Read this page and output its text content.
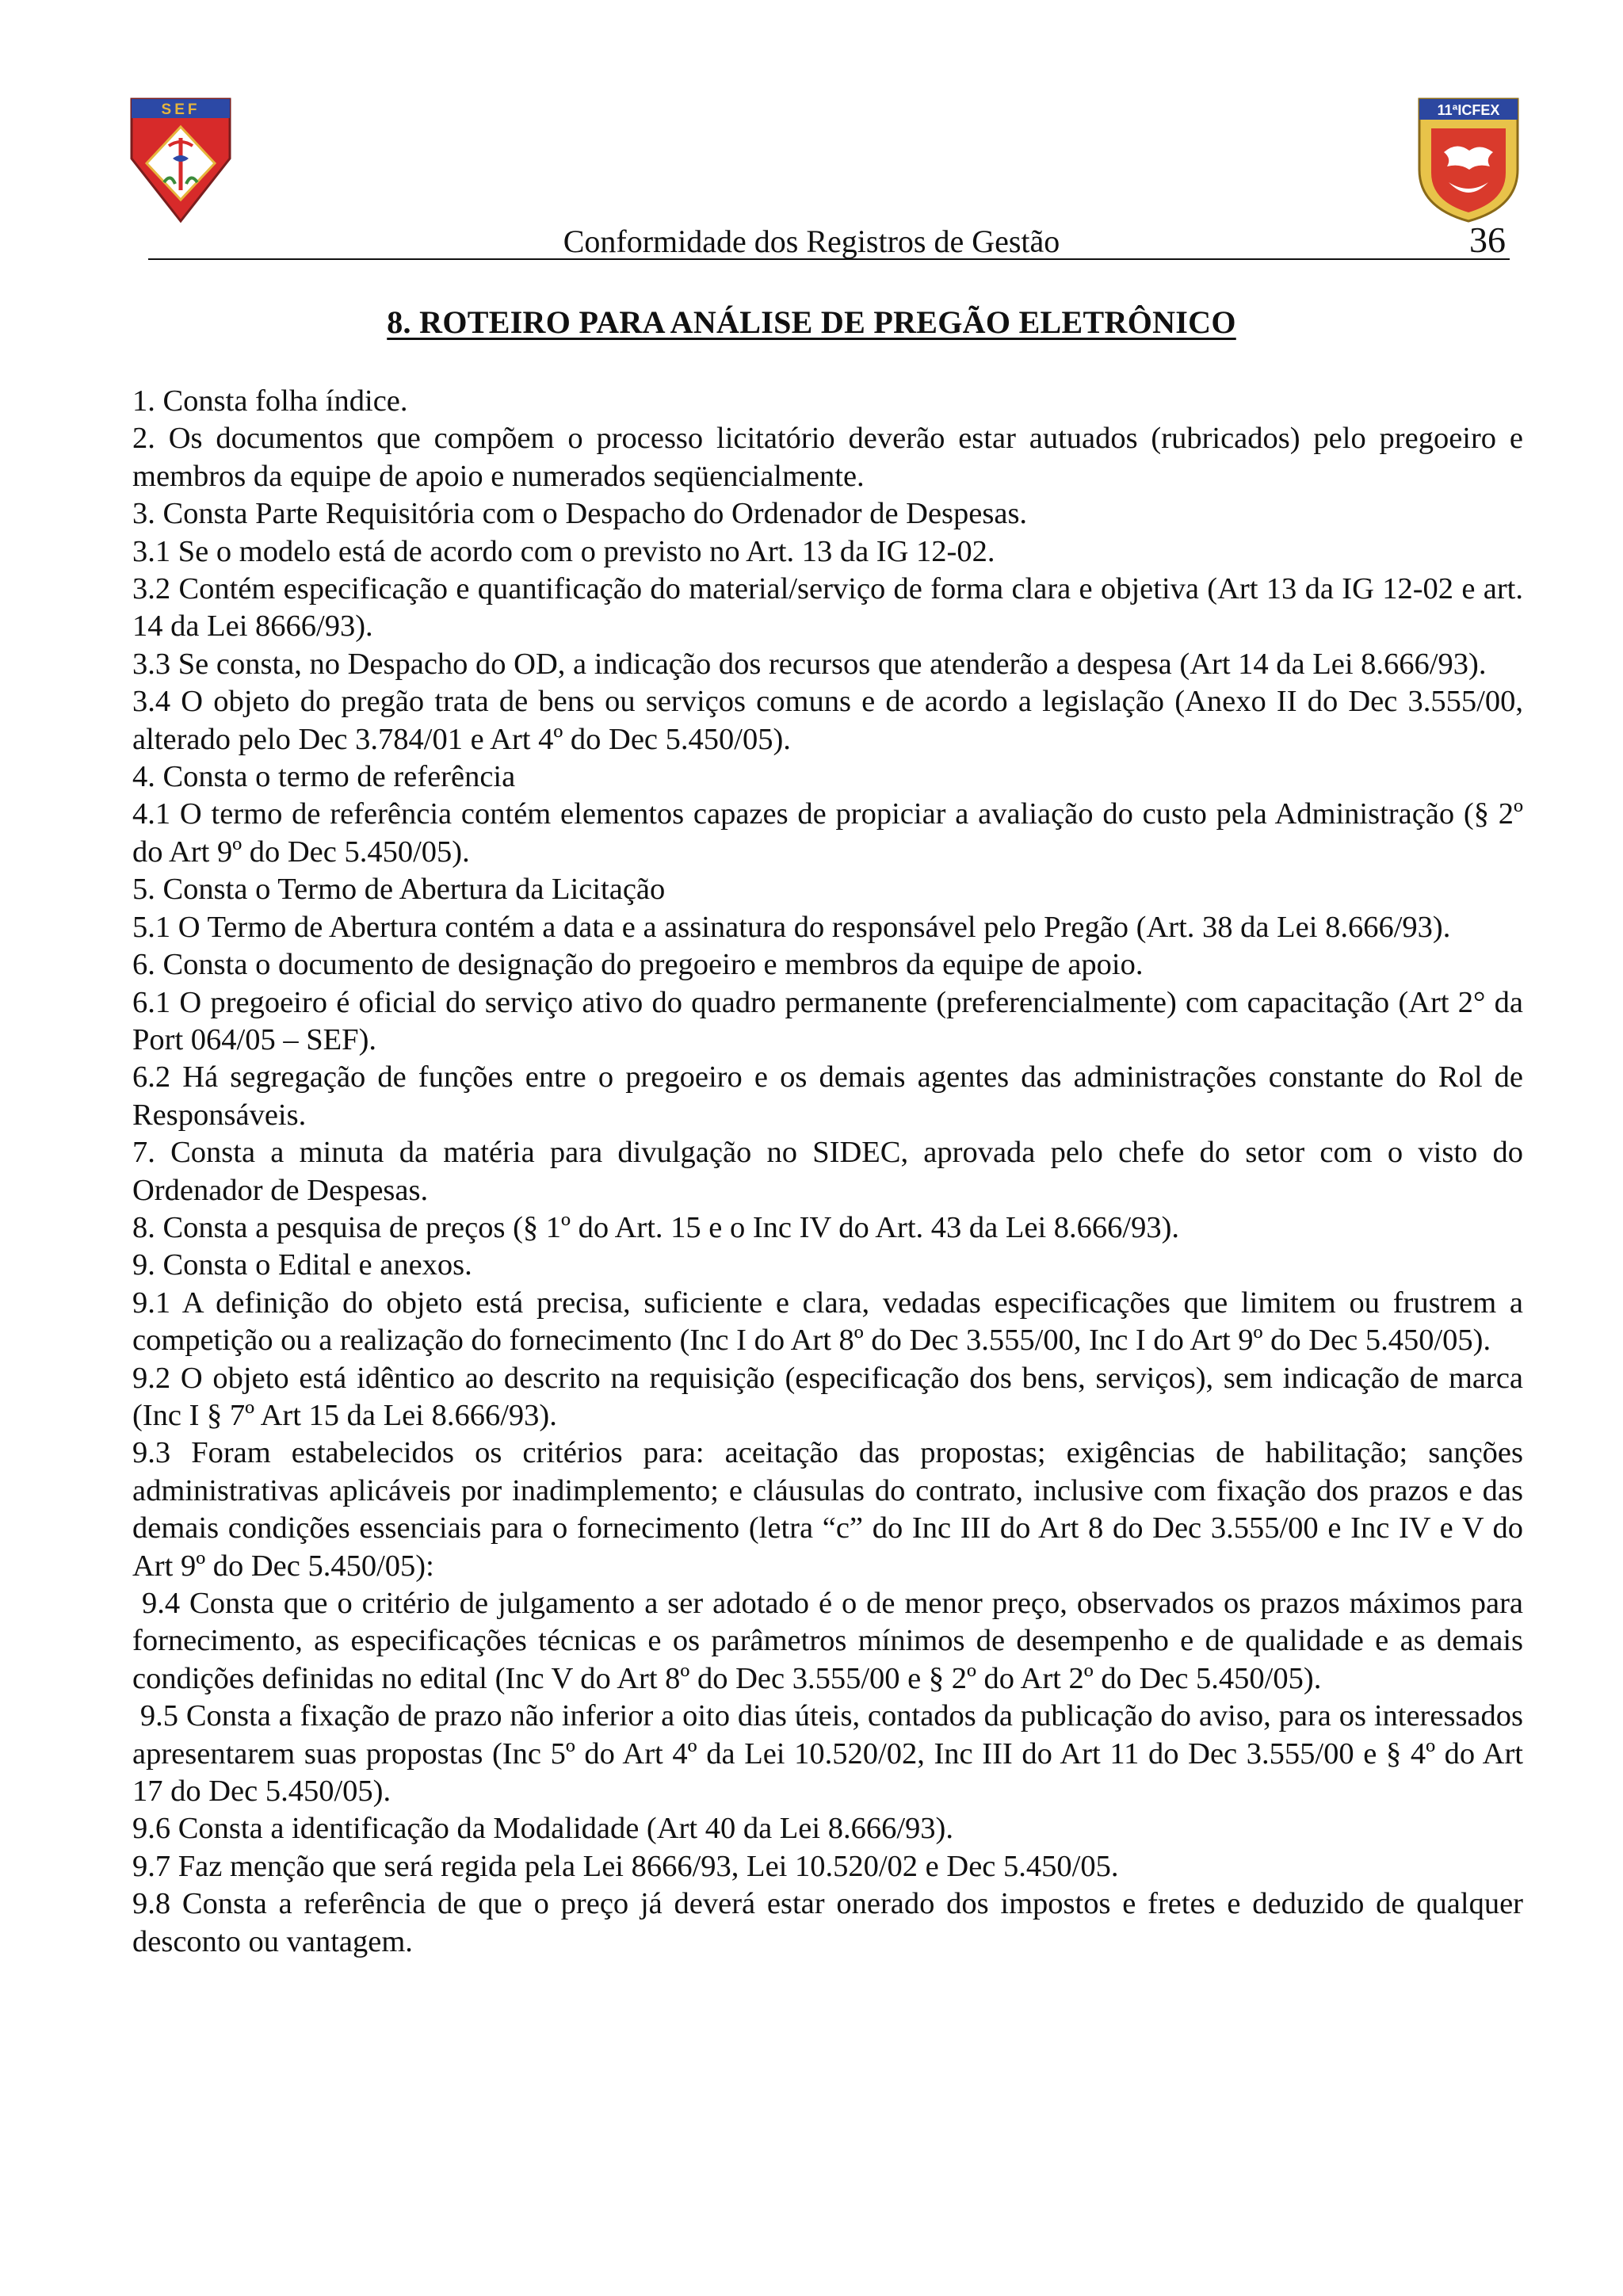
SEF	11ªICFEX
Conformidade dos Registros de Gestão	36
8. ROTEIRO PARA ANÁLISE DE PREGÃO ELETRÔNICO

1. Consta folha índice.

2. Os documentos que compõem o processo licitatório deverão estar autuados (rubricados) pelo pregoeiro e membros da equipe de apoio e numerados seqüencialmente.

3. Consta Parte Requisitória com o Despacho do Ordenador de Despesas.

3.1 Se o modelo está de acordo com o previsto no Art. 13 da IG 12-02.

3.2 Contém especificação e quantificação do material/serviço de forma clara e objetiva (Art 13 da IG 12-02 e art. 14 da Lei 8666/93).

3.3 Se consta, no Despacho do OD, a indicação dos recursos que atenderão a despesa (Art 14 da Lei 8.666/93).

3.4 O objeto do pregão trata de bens ou serviços comuns e de acordo a legislação (Anexo II do Dec 3.555/00, alterado pelo Dec 3.784/01 e Art 4º do Dec 5.450/05).

4. Consta o termo de referência

4.1 O termo de referência contém elementos capazes de propiciar a avaliação do custo pela Administração (§ 2º do Art 9º do Dec 5.450/05).

5. Consta o Termo de Abertura da Licitação

5.1 O Termo de Abertura contém a data e a assinatura do responsável pelo Pregão (Art. 38 da Lei 8.666/93).

6. Consta o documento de designação do pregoeiro e membros da equipe de apoio.

6.1 O pregoeiro é oficial do serviço ativo do quadro permanente (preferencialmente) com capacitação (Art 2° da Port 064/05 – SEF).

6.2 Há segregação de funções entre o pregoeiro e os demais agentes das administrações constante do Rol de Responsáveis.

7. Consta a minuta da matéria para divulgação no SIDEC, aprovada pelo chefe do setor com o visto do Ordenador de Despesas.

8. Consta a pesquisa de preços (§ 1º do Art. 15 e o Inc IV do Art. 43 da Lei 8.666/93).

9. Consta o Edital e anexos.

9.1 A definição do objeto está precisa, suficiente e clara, vedadas especificações que limitem ou frustrem a competição ou a realização do fornecimento (Inc I do Art 8º do Dec 3.555/00, Inc I do Art 9º do Dec 5.450/05).

9.2 O objeto está idêntico ao descrito na requisição (especificação dos bens, serviços), sem indicação de marca (Inc I § 7º Art 15 da Lei 8.666/93).

9.3 Foram estabelecidos os critérios para: aceitação das propostas; exigências de habilitação; sanções administrativas aplicáveis por inadimplemento; e cláusulas do contrato, inclusive com fixação dos prazos e das demais condições essenciais para o fornecimento (letra “c” do Inc III do Art 8 do Dec 3.555/00 e Inc IV e V do Art 9º do Dec 5.450/05):

9.4 Consta que o critério de julgamento a ser adotado é o de menor preço, observados os prazos máximos para fornecimento, as especificações técnicas e os parâmetros mínimos de desempenho e de qualidade e as demais condições definidas no edital (Inc V do Art 8º do Dec 3.555/00 e § 2º do Art 2º do Dec 5.450/05).

9.5 Consta a fixação de prazo não inferior a oito dias úteis, contados da publicação do aviso, para os interessados apresentarem suas propostas (Inc 5º do Art 4º da Lei 10.520/02, Inc III do Art 11 do Dec 3.555/00 e § 4º do Art 17 do Dec 5.450/05).

9.6 Consta a identificação da Modalidade (Art 40 da Lei 8.666/93).

9.7 Faz menção que será regida pela Lei 8666/93, Lei 10.520/02 e Dec 5.450/05.

9.8 Consta a referência de que o preço já deverá estar onerado dos impostos e fretes e deduzido de qualquer desconto ou vantagem.
